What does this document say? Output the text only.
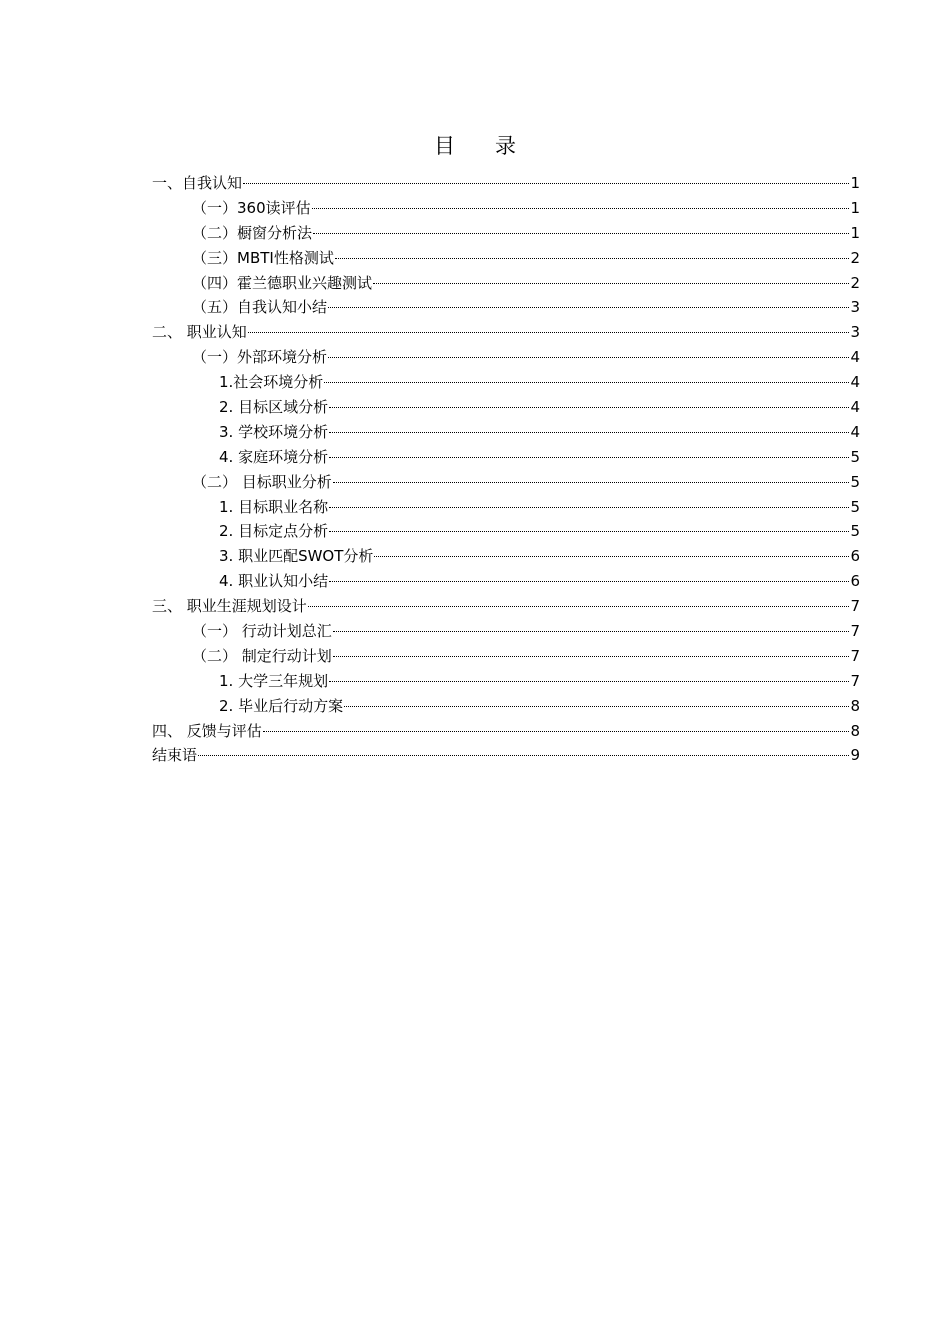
目 录
一、自我认知	1
（一）360读评估	1
（二）橱窗分析法	1
（三）MBTI性格测试	2
（四）霍兰德职业兴趣测试	2
（五）自我认知小结	3
二、 职业认知	3
（一）外部环境分析	4
1.社会环境分析	4
2. 目标区域分析	4
3. 学校环境分析	4
4. 家庭环境分析	5
（二） 目标职业分析	5
1. 目标职业名称	5
2. 目标定点分析	5
3. 职业匹配SWOT分析	6
4. 职业认知小结	6
三、 职业生涯规划设计	7
（一） 行动计划总汇	7
（二） 制定行动计划	7
1. 大学三年规划	7
2. 毕业后行动方案	8
四、 反馈与评估	8
结束语	9
